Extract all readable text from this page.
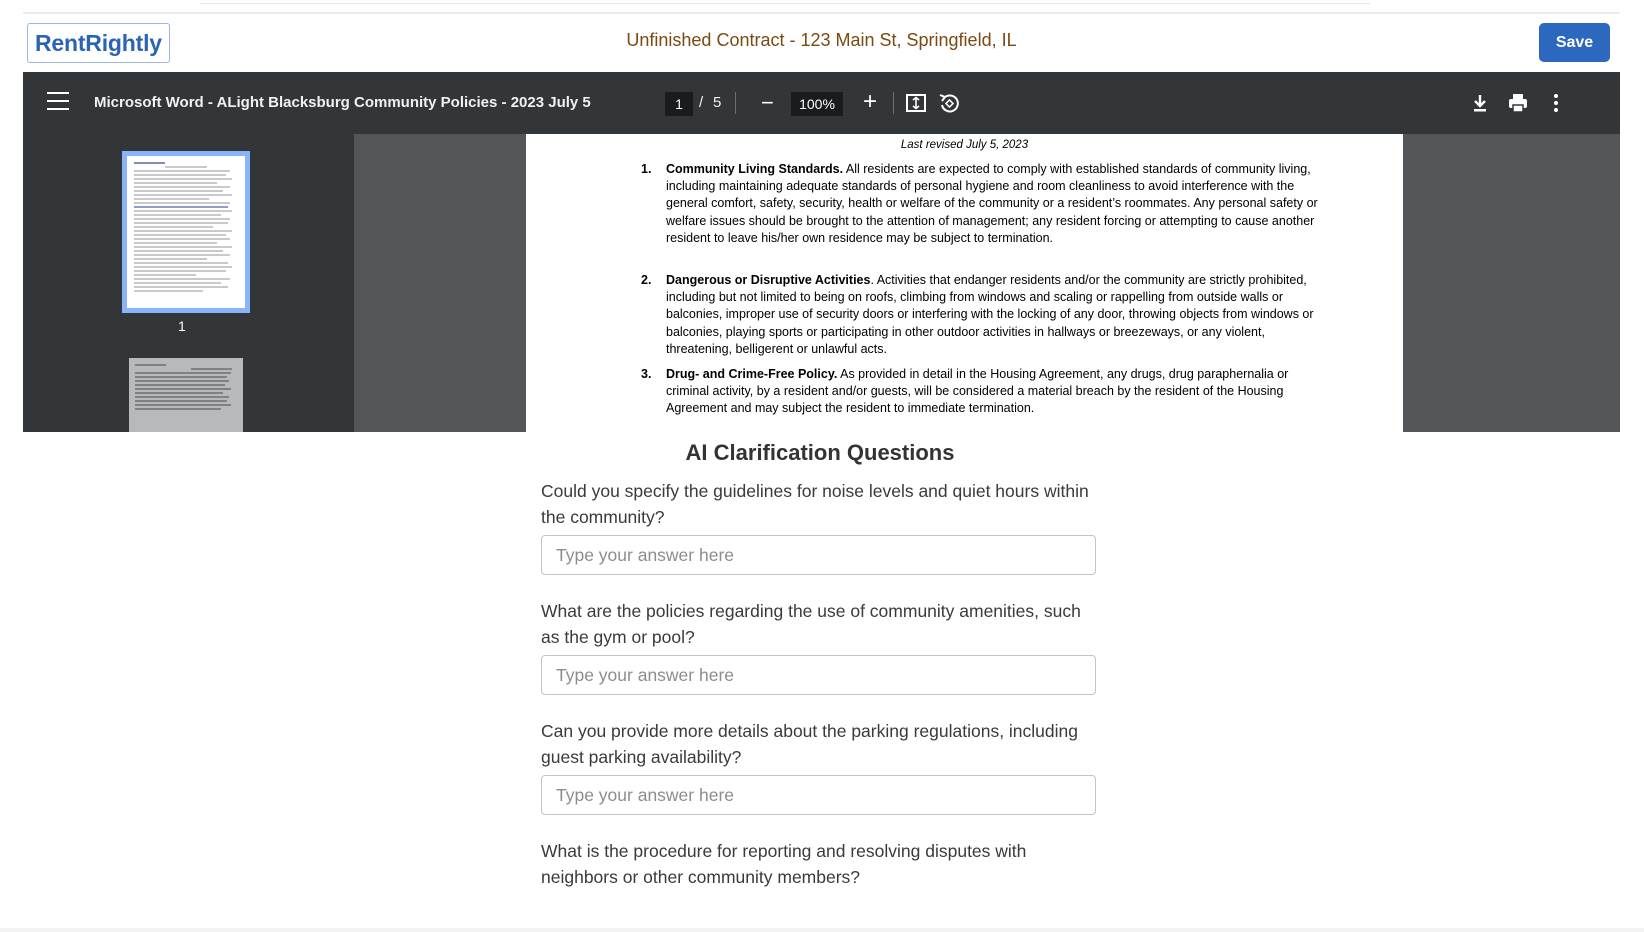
RentRightly	Unfinished Contract - 123 Main St, Springfield, IL	Save
Microsoft Word - ALight Blacksburg Community Policies - 2023 July 5	1	/ 5 −	100%	+
1
Last revised July 5, 2023
1. Community Living Standards. All residents are expected to comply with established standards of community living, including maintaining adequate standards of personal hygiene and room cleanliness to avoid interference with the general comfort, safety, security, health or welfare of the community or a resident’s roommates. Any personal safety or welfare issues should be brought to the attention of management; any resident forcing or attempting to cause another resident to leave his/her own residence may be subject to termination.
2. Dangerous or Disruptive Activities. Activities that endanger residents and/or the community are strictly prohibited, including but not limited to being on roofs, climbing from windows and scaling or rappelling from outside walls or balconies, improper use of security doors or interfering with the locking of any door, throwing objects from windows or balconies, playing sports or participating in other outdoor activities in hallways or breezeways, or any violent, threatening, belligerent or unlawful acts.
3. Drug- and Crime-Free Policy. As provided in detail in the Housing Agreement, any drugs, drug paraphernalia or criminal activity, by a resident and/or guests, will be considered a material breach by the resident of the Housing Agreement and may subject the resident to immediate termination.
AI Clarification Questions
Could you specify the guidelines for noise levels and quiet hours within the community?
Type your answer here
What are the policies regarding the use of community amenities, such as the gym or pool?
Type your answer here
Can you provide more details about the parking regulations, including guest parking availability?
Type your answer here
What is the procedure for reporting and resolving disputes with neighbors or other community members?
